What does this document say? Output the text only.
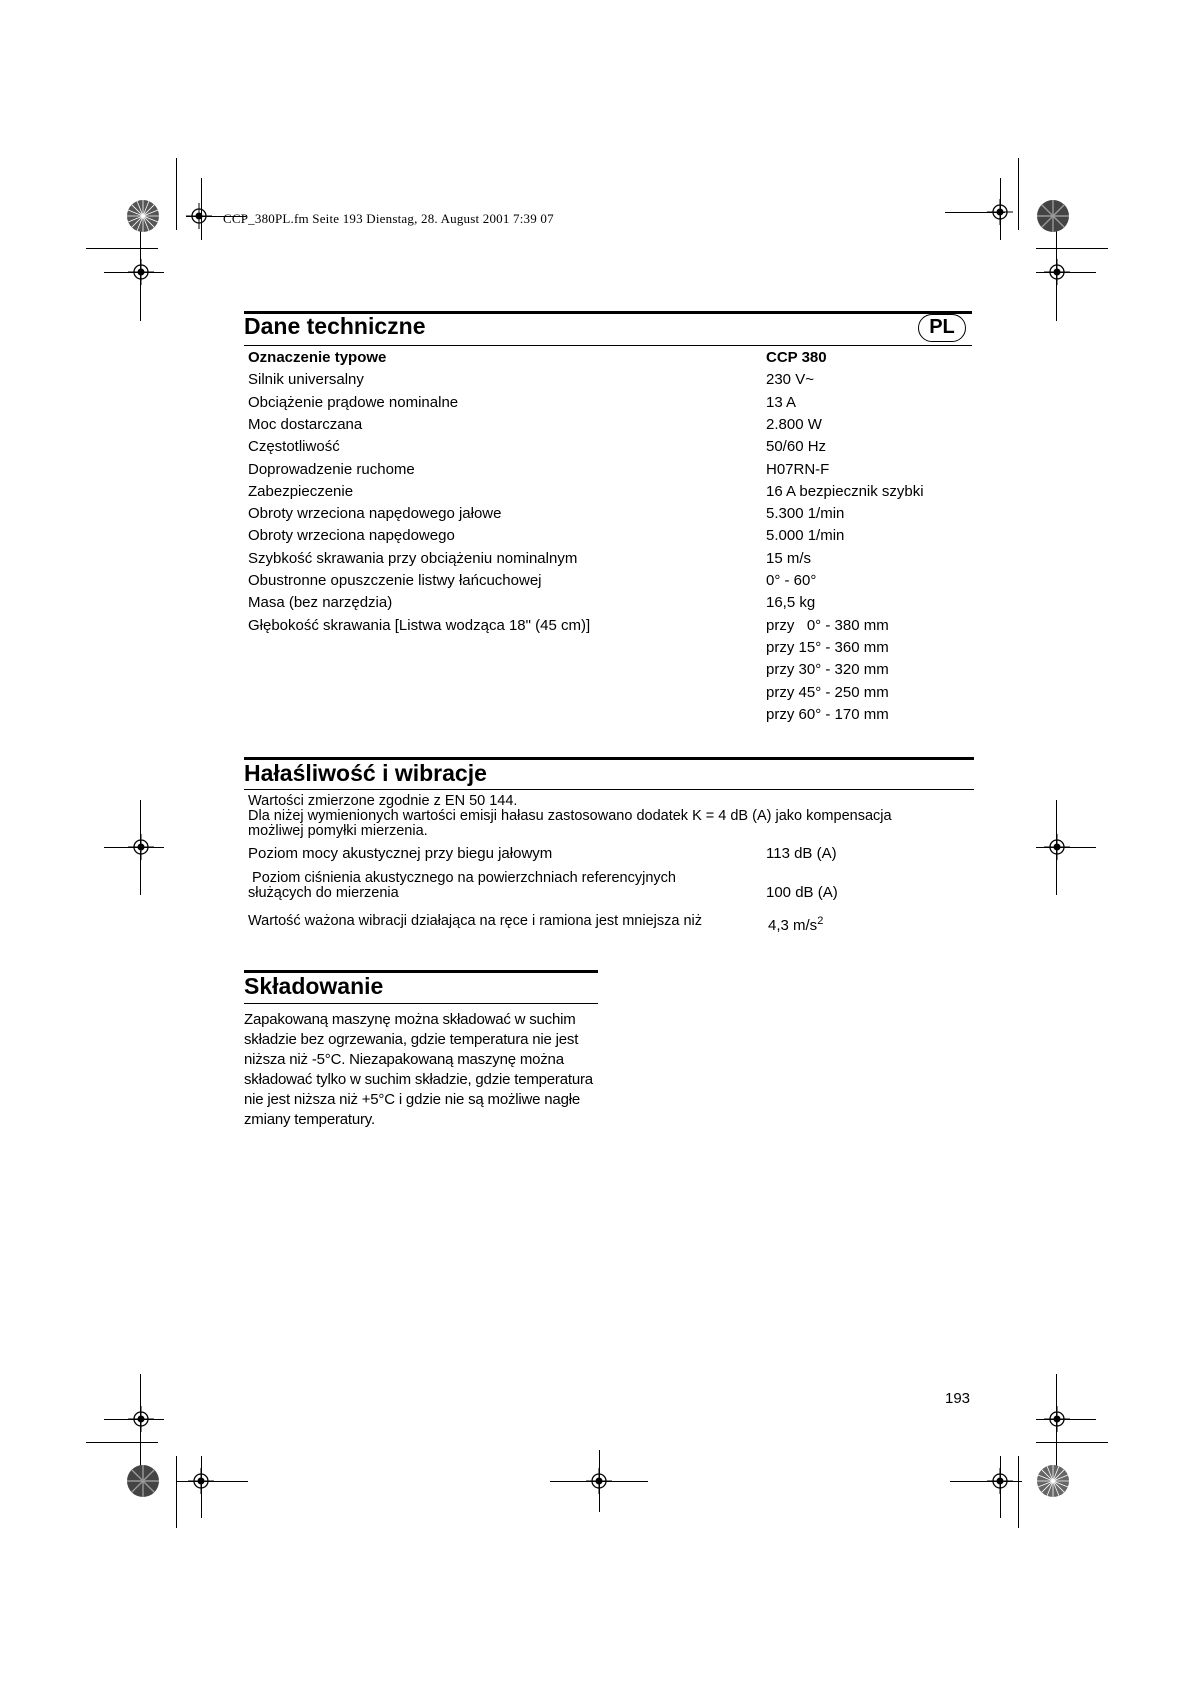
CCP_380PL.fm Seite 193 Dienstag, 28. August 2001 7:39 07
Dane techniczne	PL
Oznaczenie typowe	CCP 380
Silnik universalny	230 V~
Obciążenie prądowe nominalne	13 A
Moc dostarczana	2.800 W
Częstotliwość	50/60 Hz
Doprowadzenie ruchome	H07RN-F
Zabezpieczenie	16 A bezpiecznik szybki
Obroty wrzeciona napędowego jałowe	5.300 1/min
Obroty wrzeciona napędowego	5.000 1/min
Szybkość skrawania przy obciążeniu nominalnym	15 m/s
Obustronne opuszczenie listwy łańcuchowej	0° - 60°
Masa (bez narzędzia)	16,5 kg
Głębokość skrawania [Listwa wodząca 18" (45 cm)]	przy   0° - 380 mm
przy 15° - 360 mm
przy 30° - 320 mm
przy 45° - 250 mm
przy 60° - 170 mm
Hałaśliwość i wibracje
Wartości zmierzone zgodnie z EN 50 144.
Dla niżej wymienionych wartości emisji hałasu zastosowano dodatek K = 4 dB (A) jako kompensacja
możliwej pomyłki mierzenia.
Poziom mocy akustycznej przy biegu jałowym	113 dB (A)
Poziom ciśnienia akustycznego na powierzchniach referencyjnych
służących do mierzenia	100 dB (A)
Wartość ważona wibracji działająca na ręce i ramiona jest mniejsza niż	4,3 $m/s^2$
Składowanie
Zapakowaną maszynę można składować w suchim składzie bez ogrzewania, gdzie temperatura nie jest niższa niż -5°C. Niezapakowaną maszynę można składować tylko w suchim składzie, gdzie temperatura nie jest niższa niż +5°C i gdzie nie są możliwe nagłe zmiany temperatury.
193
